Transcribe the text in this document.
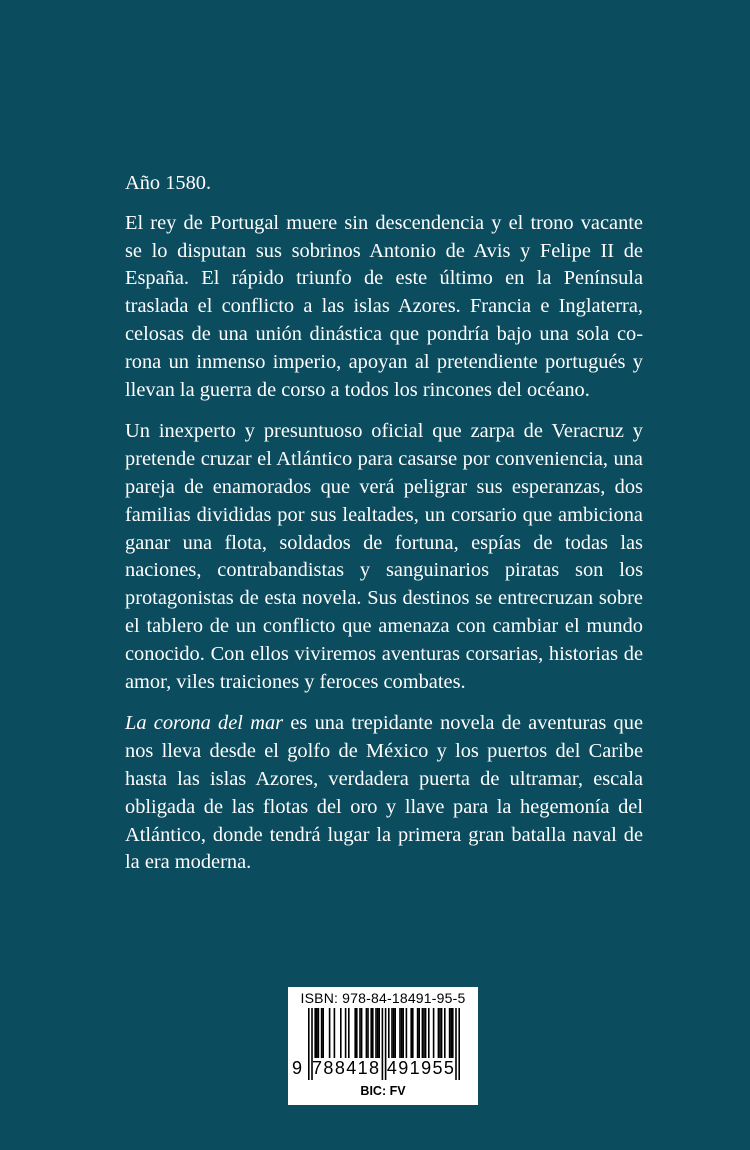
Año 1580.

El rey de Portugal muere sin descendencia y el trono vacante se lo disputan sus sobrinos Antonio de Avis y Felipe II de España. El rápido triunfo de este último en la Península traslada el conflicto a las islas Azores. Francia e Inglaterra, celosas de una unión dinástica que pondría bajo una sola corona un inmenso imperio, apoyan al pretendiente portugués y llevan la guerra de corso a todos los rincones del océano.

Un inexperto y presuntuoso oficial que zarpa de Veracruz y pretende cruzar el Atlántico para casarse por conveniencia, una pareja de enamorados que verá peligrar sus esperanzas, dos familias divididas por sus lealtades, un corsario que ambiciona ganar una flota, soldados de fortuna, espías de todas las naciones, contrabandistas y sanguinarios piratas son los protagonistas de esta novela. Sus destinos se entrecruzan sobre el tablero de un conflicto que amenaza con cambiar el mundo conocido. Con ellos viviremos aventuras corsarias, historias de amor, viles traiciones y feroces combates.

La corona del mar es una trepidante novela de aventuras que nos lleva desde el golfo de México y los puertos del Caribe hasta las islas Azores, verdadera puerta de ultramar, escala obligada de las flotas del oro y llave para la hegemonía del Atlántico, donde tendrá lugar la primera gran batalla naval de la era moderna.

ISBN: 978-84-18491-95-5
9 788418 491955
BIC: FV
